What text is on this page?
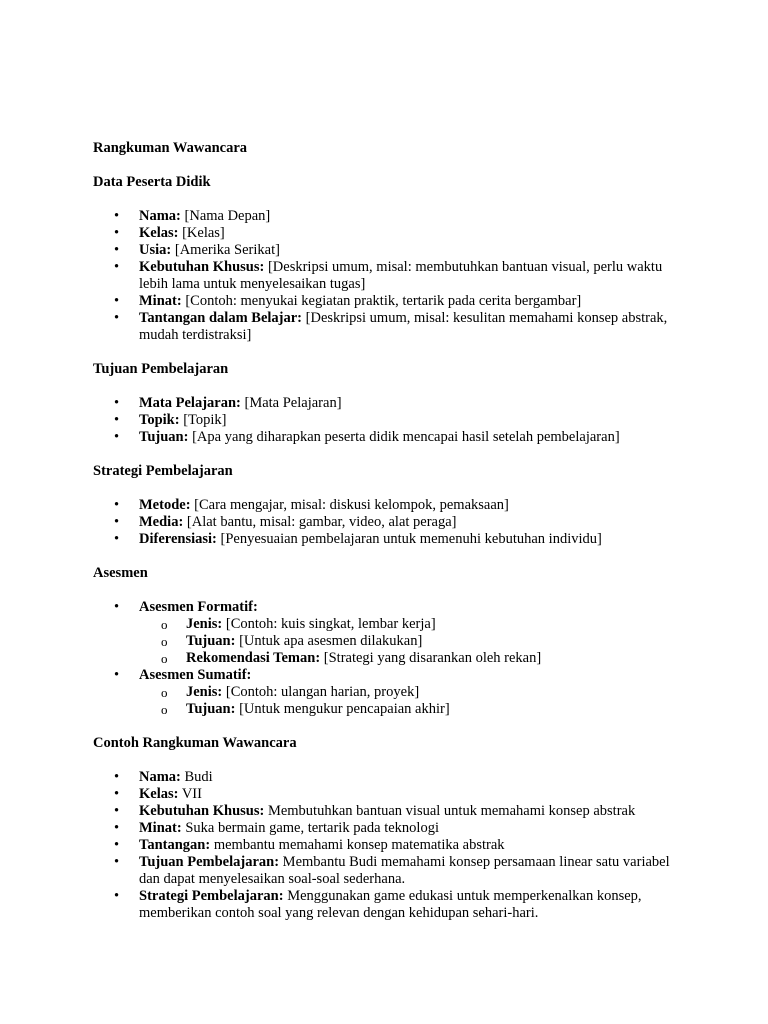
Rangkuman Wawancara

Data Peserta Didik

• Nama: [Nama Depan]
• Kelas: [Kelas]
• Usia: [Amerika Serikat]
• Kebutuhan Khusus: [Deskripsi umum, misal: membutuhkan bantuan visual, perlu waktu lebih lama untuk menyelesaikan tugas]
• Minat: [Contoh: menyukai kegiatan praktik, tertarik pada cerita bergambar]
• Tantangan dalam Belajar: [Deskripsi umum, misal: kesulitan memahami konsep abstrak, mudah terdistraksi]

Tujuan Pembelajaran

• Mata Pelajaran: [Mata Pelajaran]
• Topik: [Topik]
• Tujuan: [Apa yang diharapkan peserta didik mencapai hasil setelah pembelajaran]

Strategi Pembelajaran

• Metode: [Cara mengajar, misal: diskusi kelompok, pemaksaan]
• Media: [Alat bantu, misal: gambar, video, alat peraga]
• Diferensiasi: [Penyesuaian pembelajaran untuk memenuhi kebutuhan individu]

Asesmen

• Asesmen Formatif:
o Jenis: [Contoh: kuis singkat, lembar kerja]
o Tujuan: [Untuk apa asesmen dilakukan]
o Rekomendasi Teman: [Strategi yang disarankan oleh rekan]
• Asesmen Sumatif:
o Jenis: [Contoh: ulangan harian, proyek]
o Tujuan: [Untuk mengukur pencapaian akhir]

Contoh Rangkuman Wawancara

• Nama: Budi
• Kelas: VII
• Kebutuhan Khusus: Membutuhkan bantuan visual untuk memahami konsep abstrak
• Minat: Suka bermain game, tertarik pada teknologi
• Tantangan: membantu memahami konsep matematika abstrak
• Tujuan Pembelajaran: Membantu Budi memahami konsep persamaan linear satu variabel dan dapat menyelesaikan soal-soal sederhana.
• Strategi Pembelajaran: Menggunakan game edukasi untuk memperkenalkan konsep, memberikan contoh soal yang relevan dengan kehidupan sehari-hari.
